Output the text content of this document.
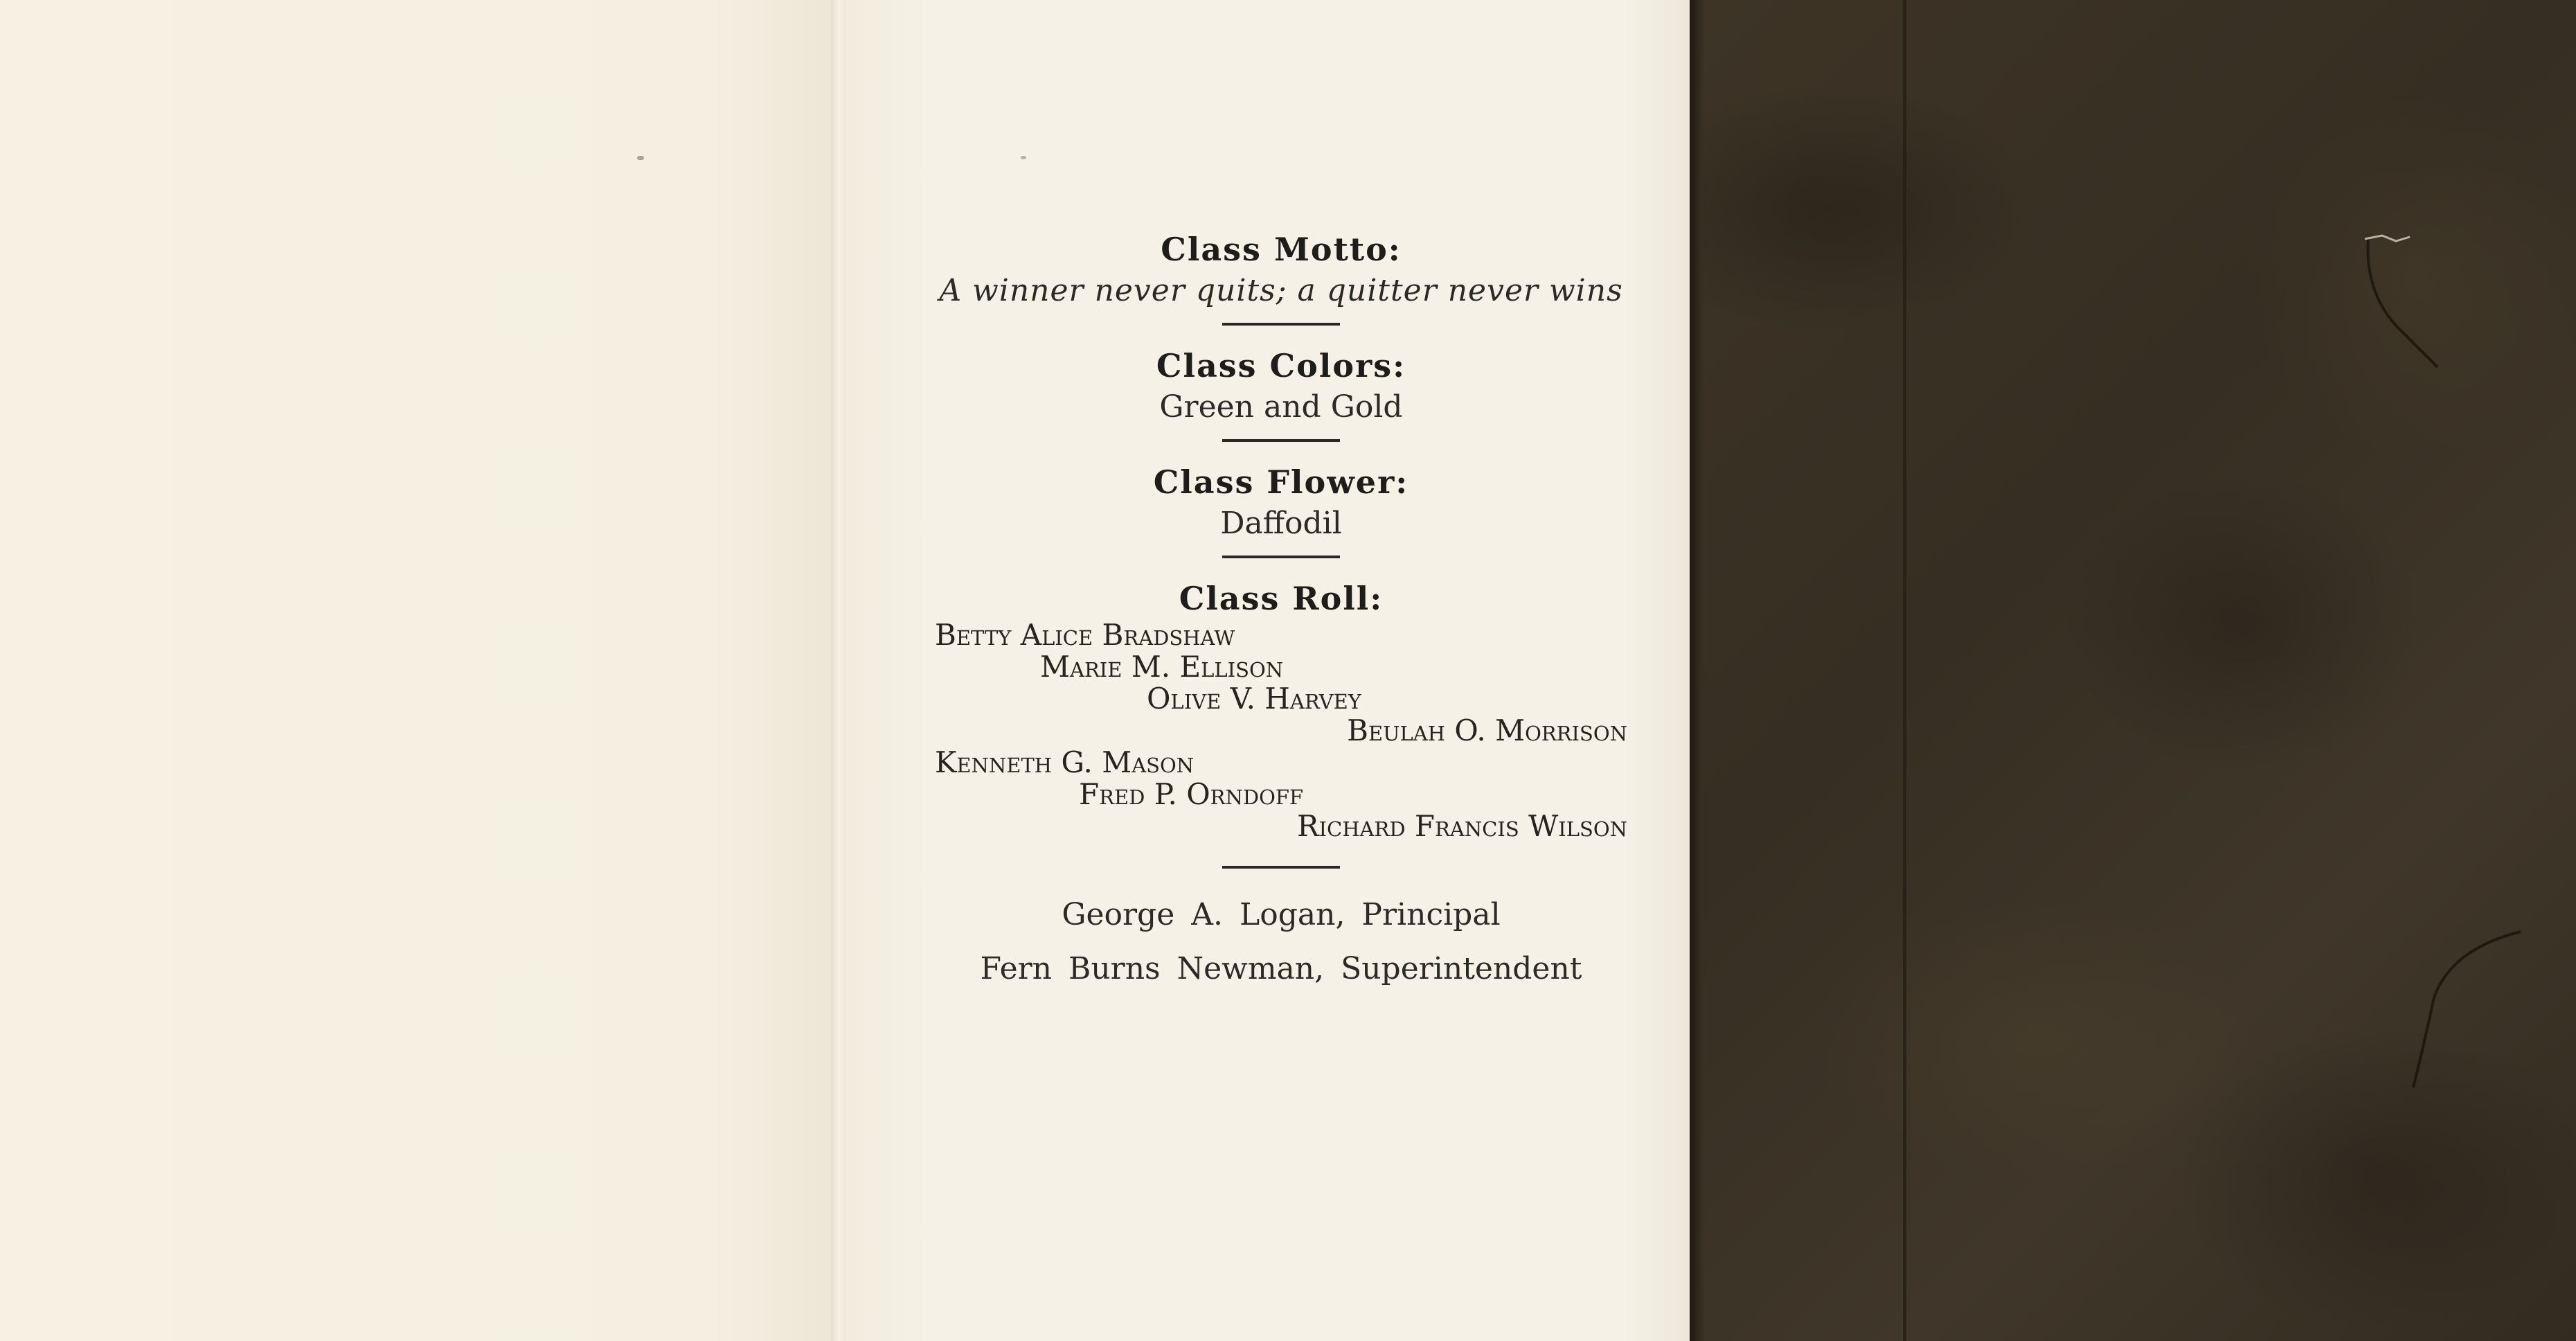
Class Motto:
A winner never quits; a quitter never wins
Class Colors:
Green and Gold
Class Flower:
Daffodil
Class Roll:
Betty Alice Bradshaw
Marie M. Ellison
Olive V. Harvey
Beulah O. Morrison
Kenneth G. Mason
Fred P. Orndoff
Richard Francis Wilson
George A. Logan, Principal
Fern Burns Newman, Superintendent
